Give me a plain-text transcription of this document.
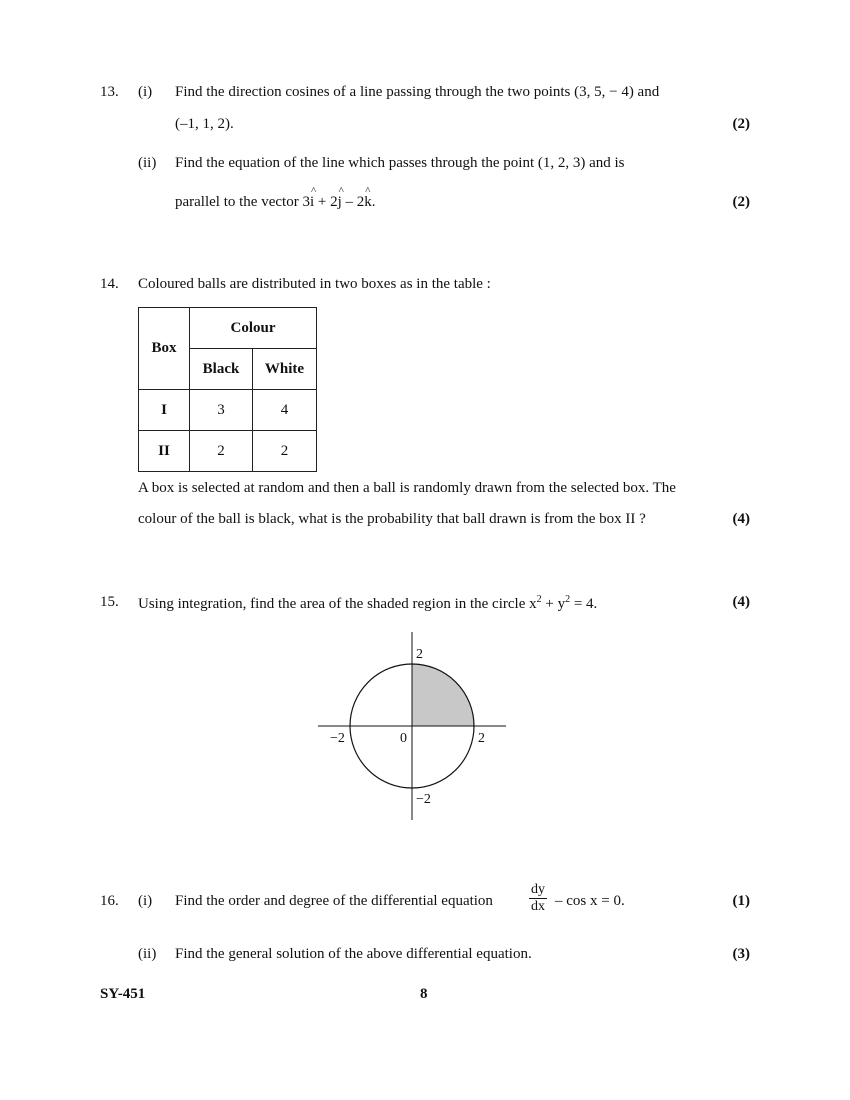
13. (i) Find the direction cosines of a line passing through the two points (3, 5, − 4) and
(–1, 1, 2).	(2)
(ii) Find the equation of the line which passes through the point (1, 2, 3) and is
parallel to the vector 3^ i + 2^ j – 2^ k.	(2)
14. Coloured balls are distributed in two boxes as in the table :
Box	Colour	
	Black	White
I	3	4
II	2	2
A box is selected at random and then a ball is randomly drawn from the selected box. The
colour of the ball is black, what is the probability that ball drawn is from the box II ?	(4)
15. Using integration, find the area of the shaded region in the circle $x^2 + y^2 = 4$.	(4)
2
−2	0	2
−2
16. (i) Find the order and degree of the differential equation	$\frac{dy}{dx} - \cos x = 0$.	(1)
(ii) Find the general solution of the above differential equation.	(3)
SY-451	8
